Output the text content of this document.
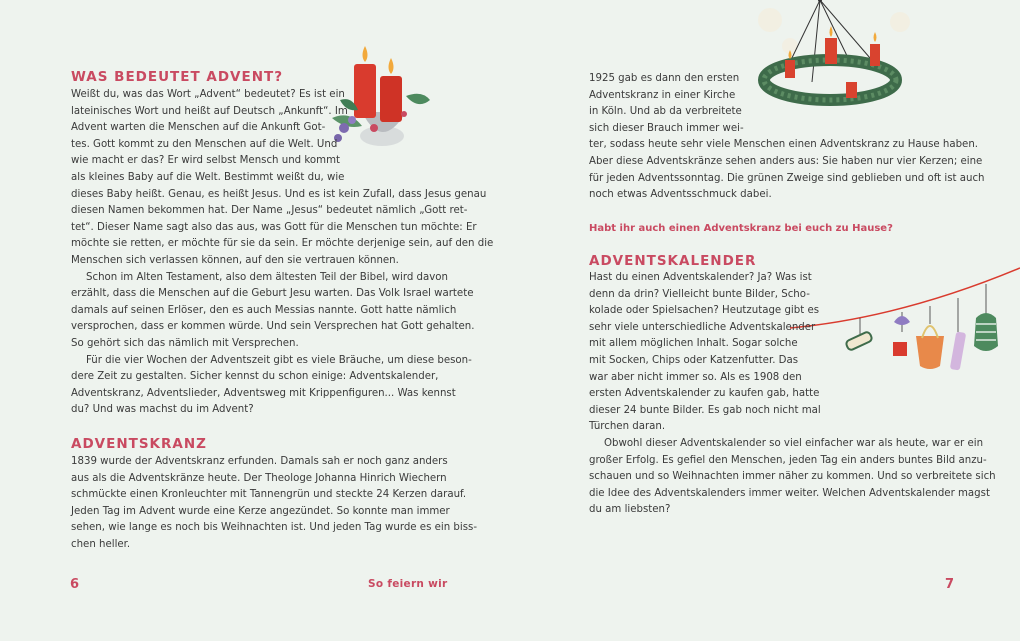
WAS BEDEUTET ADVENT?
Weißt du, was das Wort „Advent“ bedeutet? Es ist ein
lateinisches Wort und heißt auf Deutsch „Ankunft“. Im
Advent warten die Menschen auf die Ankunft Got-
tes. Gott kommt zu den Menschen auf die Welt. Und
wie macht er das? Er wird selbst Mensch und kommt
als kleines Baby auf die Welt. Bestimmt weißt du, wie
dieses Baby heißt. Genau, es heißt Jesus. Und es ist kein Zufall, dass Jesus genau
diesen Namen bekommen hat. Der Name „Jesus“ bedeutet nämlich „Gott ret-
tet“. Dieser Name sagt also das aus, was Gott für die Menschen tun möchte: Er
möchte sie retten, er möchte für sie da sein. Er möchte derjenige sein, auf den die
Menschen sich verlassen können, auf den sie vertrauen können.
Schon im Alten Testament, also dem ältesten Teil der Bibel, wird davon
erzählt, dass die Menschen auf die Geburt Jesu warten. Das Volk Israel wartete
damals auf seinen Erlöser, den es auch Messias nannte. Gott hatte nämlich
versprochen, dass er kommen würde. Und sein Versprechen hat Gott gehalten.
So gehört sich das nämlich mit Versprechen.
Für die vier Wochen der Adventszeit gibt es viele Bräuche, um diese beson-
dere Zeit zu gestalten. Sicher kennst du schon einige: Adventskalender,
Adventskranz, Adventslieder, Adventsweg mit Krippenfiguren... Was kennst
du? Und was machst du im Advent?
ADVENTSKRANZ
1839 wurde der Adventskranz erfunden. Damals sah er noch ganz anders
aus als die Adventskränze heute. Der Theologe Johanna Hinrich Wiechern
schmückte einen Kronleuchter mit Tannengrün und steckte 24 Kerzen darauf.
Jeden Tag im Advent wurde eine Kerze angezündet. So konnte man immer
sehen, wie lange es noch bis Weihnachten ist. Und jeden Tag wurde es ein biss-
chen heller.
6	So feiern wir
1925 gab es dann den ersten
Adventskranz in einer Kirche
in Köln. Und ab da verbreitete
sich dieser Brauch immer wei-
ter, sodass heute sehr viele Menschen einen Adventskranz zu Hause haben.
Aber diese Adventskränze sehen anders aus: Sie haben nur vier Kerzen; eine
für jeden Adventssonntag. Die grünen Zweige sind geblieben und oft ist auch
noch etwas Adventsschmuck dabei.
Habt ihr auch einen Adventskranz bei euch zu Hause?
ADVENTSKALENDER
Hast du einen Adventskalender? Ja? Was ist
denn da drin? Vielleicht bunte Bilder, Scho-
kolade oder Spielsachen? Heutzutage gibt es
sehr viele unterschiedliche Adventskalender
mit allem möglichen Inhalt. Sogar solche
mit Socken, Chips oder Katzenfutter. Das
war aber nicht immer so. Als es 1908 den
ersten Adventskalender zu kaufen gab, hatte
dieser 24 bunte Bilder. Es gab noch nicht mal
Türchen daran.
Obwohl dieser Adventskalender so viel einfacher war als heute, war er ein
großer Erfolg. Es gefiel den Menschen, jeden Tag ein anders buntes Bild anzu-
schauen und so Weihnachten immer näher zu kommen. Und so verbreitete sich
die Idee des Adventskalenders immer weiter. Welchen Adventskalender magst
du am liebsten?
7
